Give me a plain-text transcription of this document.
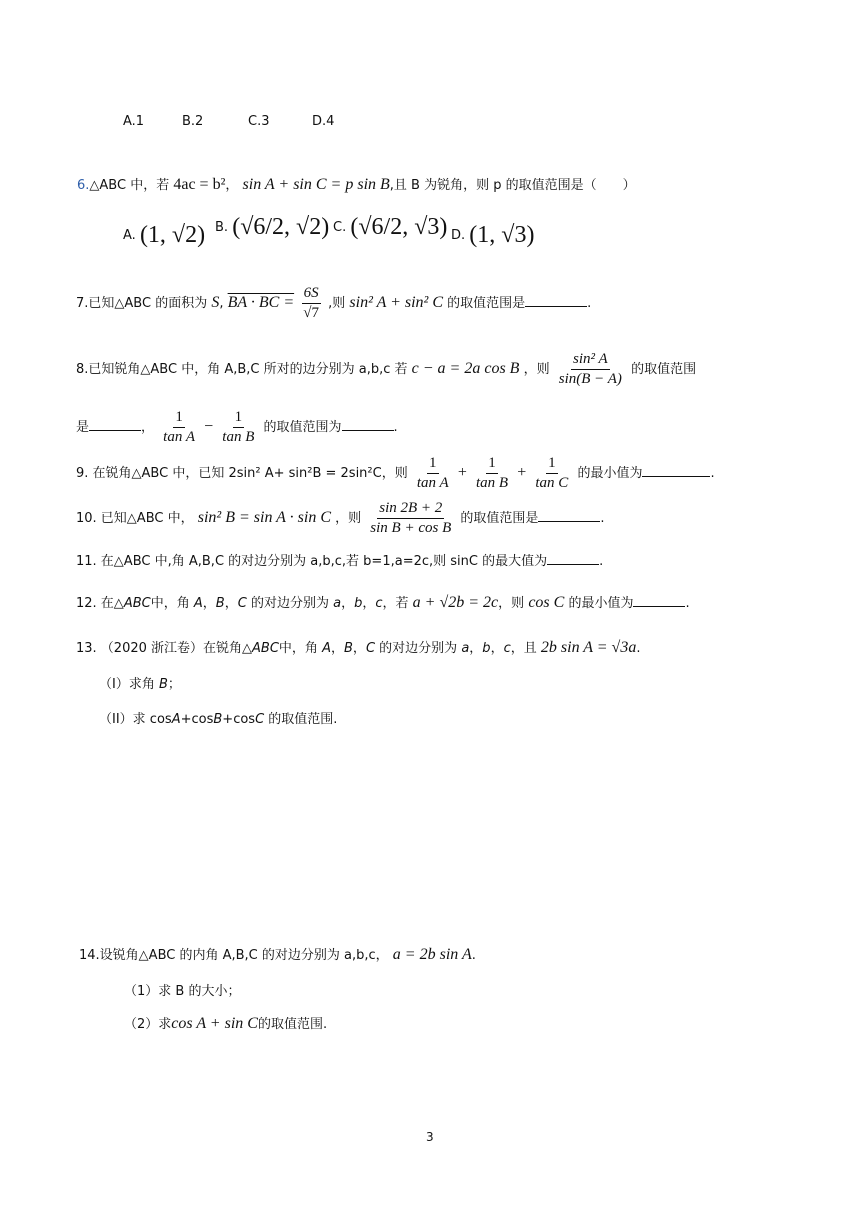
A.1	B.2	C.3	D.4
6.△ABC 中，若 4ac = b²， sin A + sin C = p sin B,且 B 为锐角，则 p 的取值范围是（　　）
A. (1, √2) B. (√6/2, √2) C. (√6/2, √3) D. (1, √3)
7.已知△ABC 的面积为 S, BA · BC = $\frac{6S}{√7}$ ,则 sin² A + sin² C 的取值范围是	.
8.已知锐角△ABC 中，角 A,B,C 所对的边分别为 a,b,c 若 c − a = 2a cos B ，则 $\frac{\text{sin² A}}{\sin(B - A)}$ 的取值范围
是	， $\frac{1}{\text{tan A}} - \frac{1}{\text{tan B}}$ 的取值范围为	.
9. 在锐角△ABC 中，已知 2sin² A+ sin²B = 2sin²C，则 $\frac{1}{\text{tan A}} + \frac{1}{\text{tan B}} + \frac{1}{\text{tan C}}$ 的最小值为	.
10. 已知△ABC 中， sin² B = sin A · sin C ，则 $\frac{\sin 2B + 2}{\text{sin B + cos B}}$ 的取值范围是	.
11. 在△ABC 中,角 A,B,C 的对边分别为 a,b,c,若 b=1,a=2c,则 sinC 的最大值为	.
12. 在△ABC中，角 A，B，C 的对边分别为 a，b，c，若 a + √2b = 2c，则 cos C 的最小值为	.
13. （2020 浙江卷）在锐角△ABC中，角 A，B，C 的对边分别为 a，b，c，且 2b sin A = √3a.
（I）求角 B；
（II）求 cosA+cosB+cosC 的取值范围.
14.设锐角△ABC 的内角 A,B,C 的对边分别为 a,b,c， a = 2b sin A.
（1）求 B 的大小；
（2）求cos A + sin C的取值范围.
3
